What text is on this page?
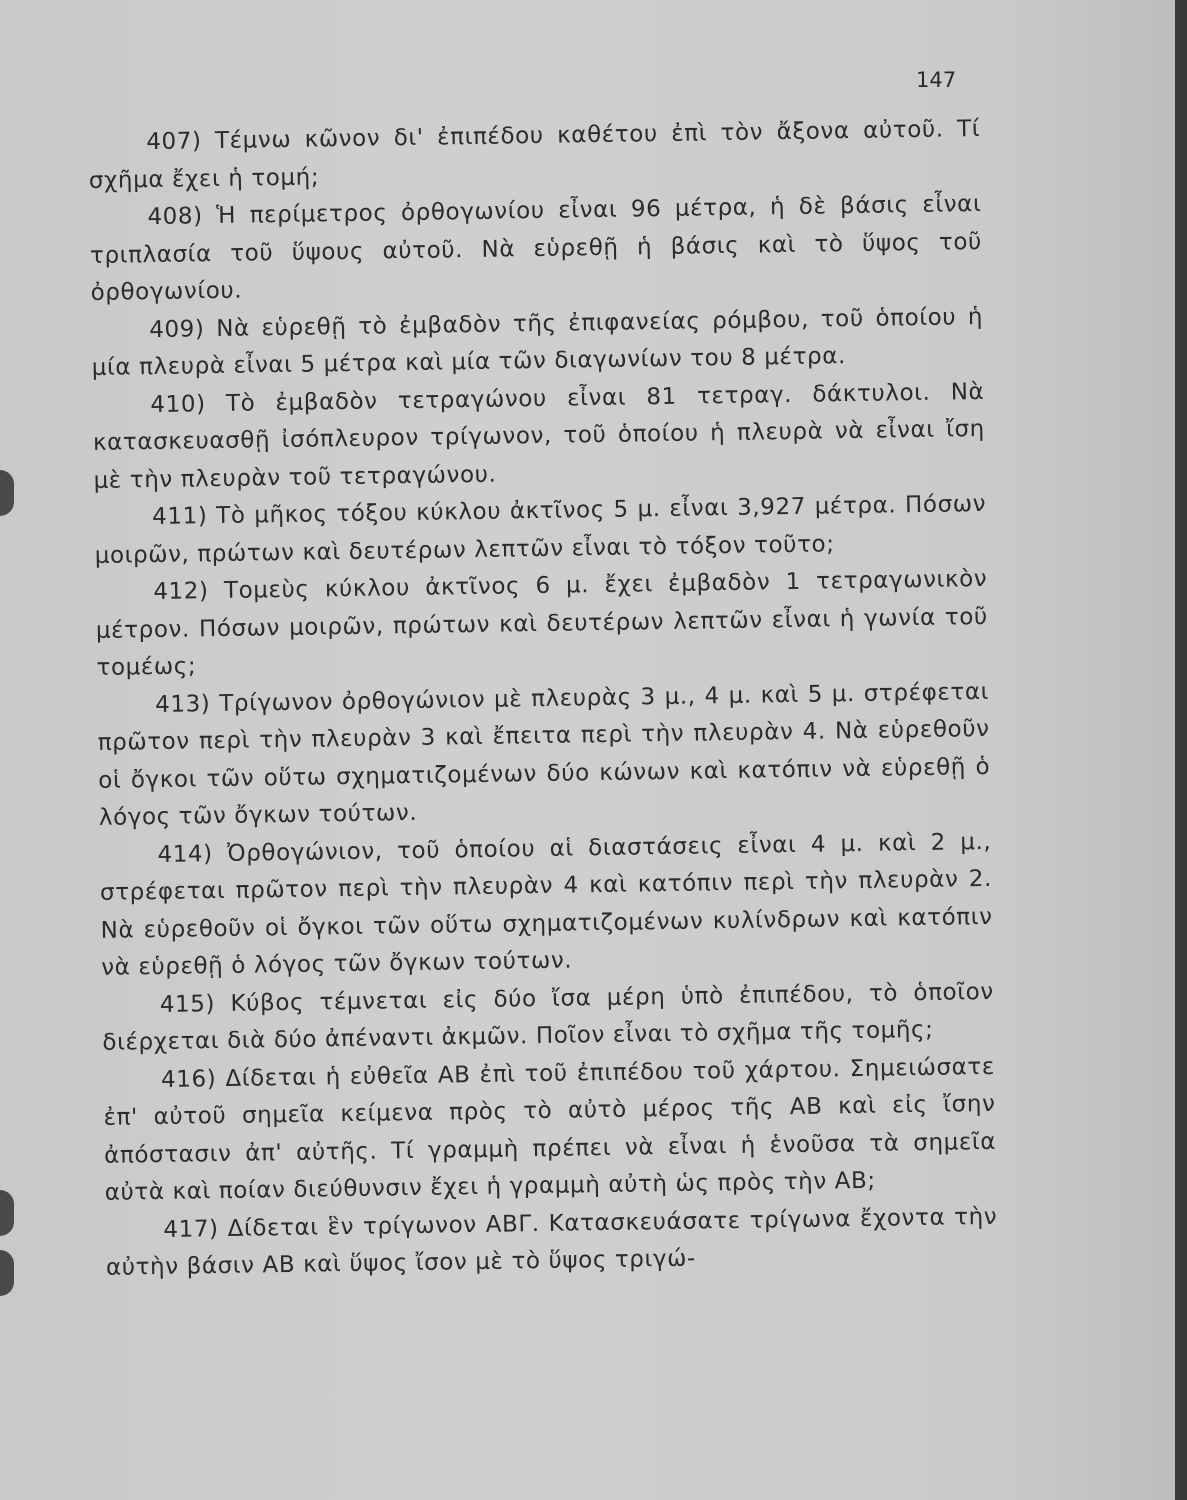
147

407) Τέμνω κῶνον δι' ἐπιπέδου καθέτου ἐπὶ τὸν ἄξονα αὐτοῦ. Τί σχῆμα ἔχει ἡ τομή;

408) Ἡ περίμετρος ὀρθογωνίου εἶναι 96 μέτρα, ἡ δὲ βάσις εἶναι τριπλασία τοῦ ὕψους αὐτοῦ. Νὰ εὑρεθῇ ἡ βάσις καὶ τὸ ὕψος τοῦ ὀρθογωνίου.

409) Νὰ εὑρεθῇ τὸ ἐμβαδὸν τῆς ἐπιφανείας ρόμβου, τοῦ ὁποίου ἡ μία πλευρὰ εἶναι 5 μέτρα καὶ μία τῶν διαγωνίων του 8 μέτρα.

410) Τὸ ἐμβαδὸν τετραγώνου εἶναι 81 τετραγ. δάκτυλοι. Νὰ κατασκευασθῇ ἰσόπλευρον τρίγωνον, τοῦ ὁποίου ἡ πλευρὰ νὰ εἶναι ἴση μὲ τὴν πλευρὰν τοῦ τετραγώνου.

411) Τὸ μῆκος τόξου κύκλου ἀκτῖνος 5 μ. εἶναι 3,927 μέτρα. Πόσων μοιρῶν, πρώτων καὶ δευτέρων λεπτῶν εἶναι τὸ τόξον τοῦτο;

412) Τομεὺς κύκλου ἀκτῖνος 6 μ. ἔχει ἐμβαδὸν 1 τετραγωνικὸν μέτρον. Πόσων μοιρῶν, πρώτων καὶ δευτέρων λεπτῶν εἶναι ἡ γωνία τοῦ τομέως;

413) Τρίγωνον ὀρθογώνιον μὲ πλευρὰς 3 μ., 4 μ. καὶ 5 μ. στρέφεται πρῶτον περὶ τὴν πλευρὰν 3 καὶ ἔπειτα περὶ τὴν πλευρὰν 4. Νὰ εὑρεθοῦν οἱ ὄγκοι τῶν οὕτω σχηματιζομένων δύο κώνων καὶ κατόπιν νὰ εὑρεθῇ ὁ λόγος τῶν ὄγκων τούτων.

414) Ὀρθογώνιον, τοῦ ὁποίου αἱ διαστάσεις εἶναι 4 μ. καὶ 2 μ., στρέφεται πρῶτον περὶ τὴν πλευρὰν 4 καὶ κατόπιν περὶ τὴν πλευρὰν 2. Νὰ εὑρεθοῦν οἱ ὄγκοι τῶν οὕτω σχηματιζομένων κυλίνδρων καὶ κατόπιν νὰ εὑρεθῇ ὁ λόγος τῶν ὄγκων τούτων.

415) Κύβος τέμνεται εἰς δύο ἴσα μέρη ὑπὸ ἐπιπέδου, τὸ ὁποῖον διέρχεται διὰ δύο ἀπέναντι ἀκμῶν. Ποῖον εἶναι τὸ σχῆμα τῆς τομῆς;

416) Δίδεται ἡ εὐθεῖα ΑΒ ἐπὶ τοῦ ἐπιπέδου τοῦ χάρτου. Σημειώσατε ἐπ' αὐτοῦ σημεῖα κείμενα πρὸς τὸ αὐτὸ μέρος τῆς ΑΒ καὶ εἰς ἴσην ἀπόστασιν ἀπ' αὐτῆς. Τί γραμμὴ πρέπει νὰ εἶναι ἡ ἑνοῦσα τὰ σημεῖα αὐτὰ καὶ ποίαν διεύθυνσιν ἔχει ἡ γραμμὴ αὐτὴ ὡς πρὸς τὴν ΑΒ;

417) Δίδεται ἓν τρίγωνον ΑΒΓ. Κατασκευάσατε τρίγωνα ἔχοντα τὴν αὐτὴν βάσιν ΑΒ καὶ ὕψος ἴσον μὲ τὸ ὕψος τριγώ-
